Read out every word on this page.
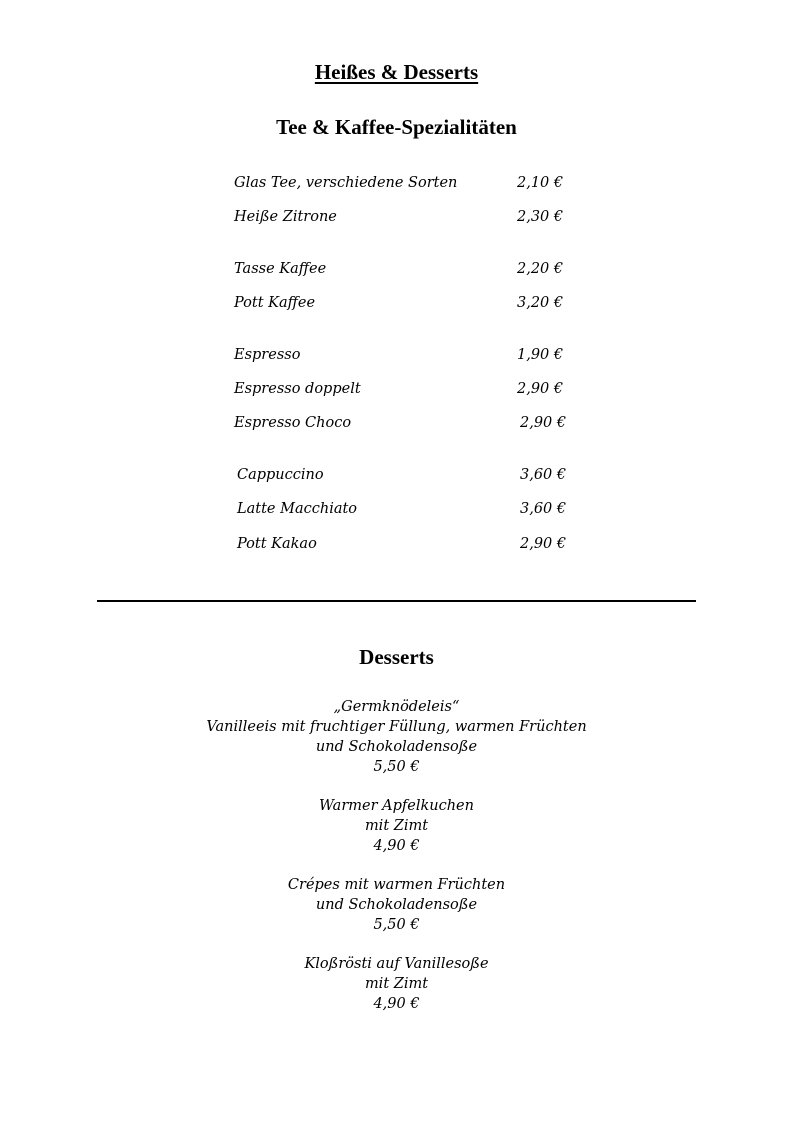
Heißes & Desserts
Tee & Kaffee-Spezialitäten
Glas Tee, verschiedene Sorten	2,10 €
Heiße Zitrone	2,30 €
Tasse Kaffee	2,20 €
Pott Kaffee	3,20 €
Espresso	1,90 €
Espresso doppelt	2,90 €
Espresso Choco	2,90 €
Cappuccino	3,60 €
Latte Macchiato	3,60 €
Pott Kakao	2,90 €
Desserts
„Germknödeleis“
Vanilleeis mit fruchtiger Füllung, warmen Früchten
und Schokoladensoße
5,50 €
Warmer Apfelkuchen
mit Zimt
4,90 €
Crépes mit warmen Früchten
und Schokoladensoße
5,50 €
Kloßrösti auf Vanillesoße
mit Zimt
4,90 €
